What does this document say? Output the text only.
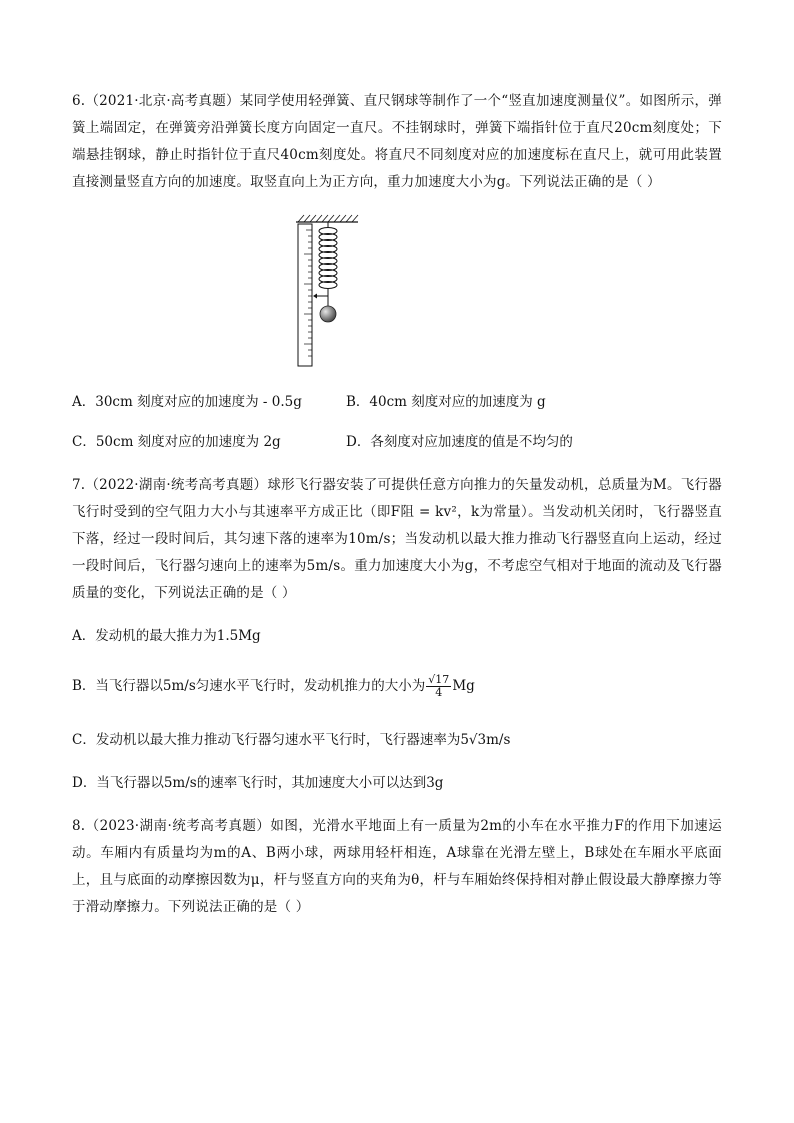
6.（2021·北京·高考真题）某同学使用轻弹簧、直尺钢球等制作了一个“竖直加速度测量仪”。如图所示，弹簧上端固定，在弹簧旁沿弹簧长度方向固定一直尺。不挂钢球时，弹簧下端指针位于直尺20cm刻度处；下端悬挂钢球，静止时指针位于直尺40cm刻度处。将直尺不同刻度对应的加速度标在直尺上，就可用此装置直接测量竖直方向的加速度。取竖直向上为正方向，重力加速度大小为g。下列说法正确的是（ ）
A．30cm 刻度对应的加速度为 - 0.5g	B．40cm 刻度对应的加速度为 g
C．50cm 刻度对应的加速度为 2g	D．各刻度对应加速度的值是不均匀的
7.（2022·湖南·统考高考真题）球形飞行器安装了可提供任意方向推力的矢量发动机，总质量为M。飞行器飞行时受到的空气阻力大小与其速率平方成正比（即F阻 = kv²，k为常量）。当发动机关闭时，飞行器竖直下落，经过一段时间后，其匀速下落的速率为10m/s；当发动机以最大推力推动飞行器竖直向上运动，经过一段时间后，飞行器匀速向上的速率为5m/s。重力加速度大小为g，不考虑空气相对于地面的流动及飞行器质量的变化，下列说法正确的是（ ）
A．发动机的最大推力为1.5Mg
B．当飞行器以5m/s匀速水平飞行时，发动机推力的大小为 $\frac{√17}{4}$ Mg
C．发动机以最大推力推动飞行器匀速水平飞行时，飞行器速率为5√3m/s
D．当飞行器以5m/s的速率飞行时，其加速度大小可以达到3g
8.（2023·湖南·统考高考真题）如图，光滑水平地面上有一质量为2m的小车在水平推力F的作用下加速运动。车厢内有质量均为m的A、B两小球，两球用轻杆相连，A球靠在光滑左壁上，B球处在车厢水平底面上，且与底面的动摩擦因数为μ，杆与竖直方向的夹角为θ，杆与车厢始终保持相对静止假设最大静摩擦力等于滑动摩擦力。下列说法正确的是（ ）
